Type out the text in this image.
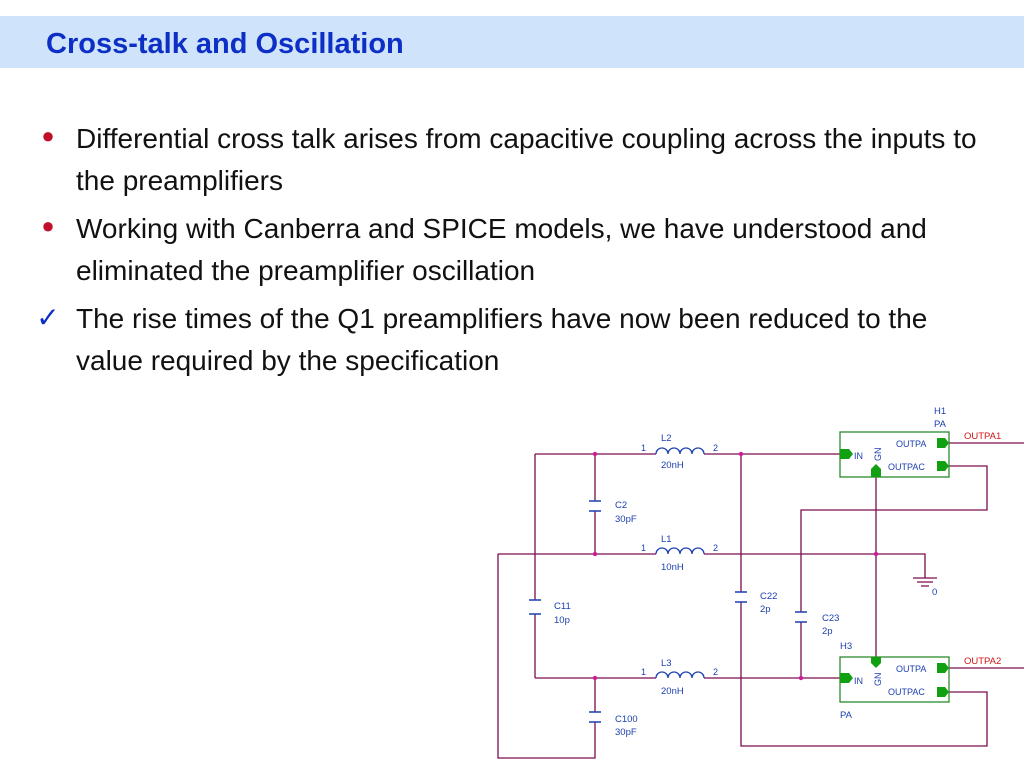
Cross-talk and Oscillation
● Differential cross talk arises from capacitive coupling across the inputs to the preamplifiers
● Working with Canberra and SPICE models, we have understood and eliminated the preamplifier oscillation
✓ The rise times of the Q1 preamplifiers have now been reduced to the value required by the specification
L2
20nH
1	2
L1
10nH
1	2
L3
20nH
1	2
C2
30pF
C11
10p
C22
2p
C23
2p
C100
30pF
0
H1
PA
IN GN
OUTPA
OUTPAC
OUTPA1
H3
IN GN
OUTPA
OUTPAC
PA
OUTPA2
